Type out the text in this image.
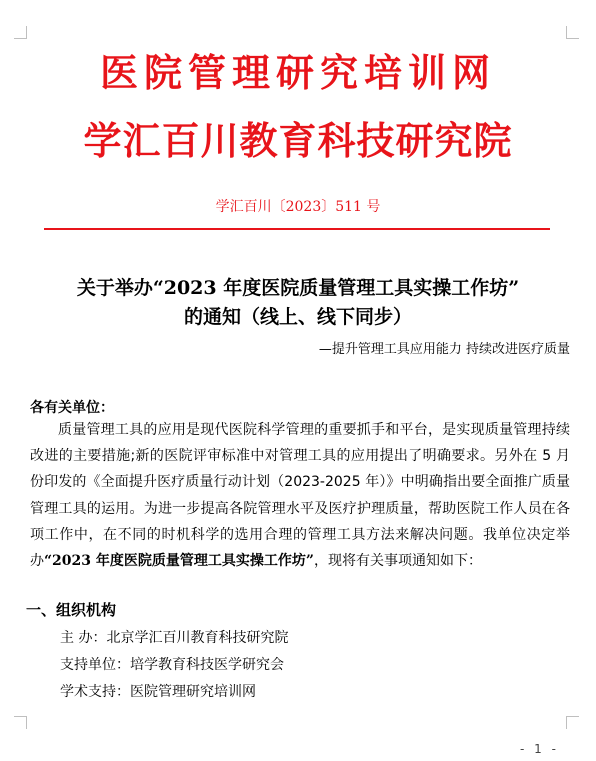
医院管理研究培训网
学汇百川教育科技研究院
学汇百川〔2023〕511 号
关于举办“2023 年度医院质量管理工具实操工作坊”
的通知（线上、线下同步）
—提升管理工具应用能力 持续改进医疗质量
各有关单位：
质量管理工具的应用是现代医院科学管理的重要抓手和平台，是实现质量管理持续改进的主要措施;新的医院评审标准中对管理工具的应用提出了明确要求。另外在 5 月份印发的《全面提升医疗质量行动计划（2023-2025 年）》中明确指出要全面推广质量管理工具的运用。为进一步提高各院管理水平及医疗护理质量，帮助医院工作人员在各项工作中，在不同的时机科学的选用合理的管理工具方法来解决问题。我单位决定举办“2023 年度医院质量管理工具实操工作坊”，现将有关事项通知如下：
一、组织机构
主 办：北京学汇百川教育科技研究院
支持单位：培学教育科技医学研究会
学术支持：医院管理研究培训网
- 1 -
